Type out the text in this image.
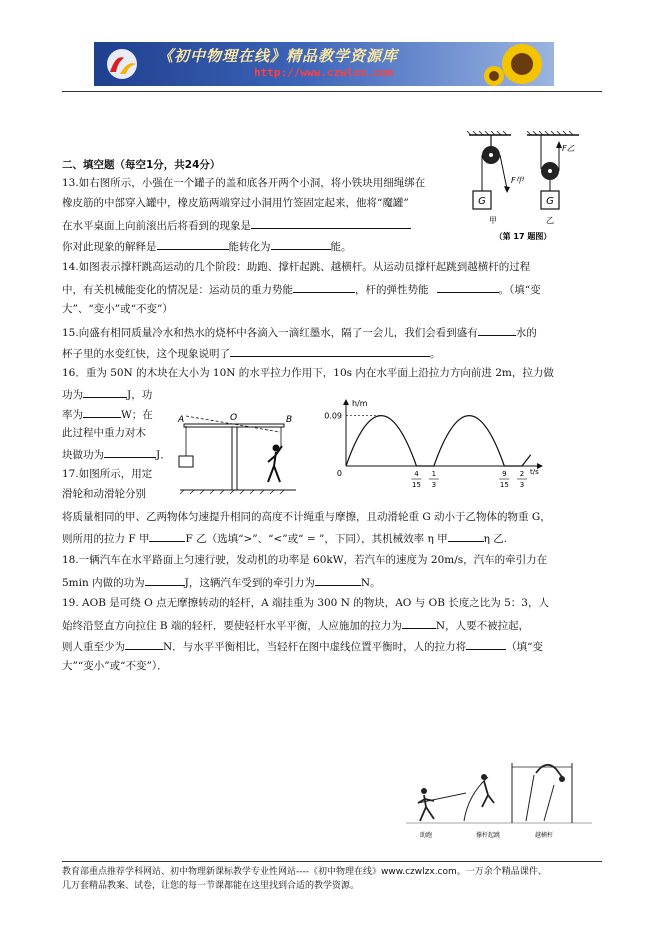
《初中物理在线》精品教学资源库
http://www.czwlzx.com
G	G
F甲
F乙
甲	乙
（第 17 题图）
二、填空题（每空1分，共24分）
13.如右图所示，小强在一个罐子的盖和底各开两个小洞，将小铁块用细绳绑在
橡皮筋的中部穿入罐中，橡皮筋两端穿过小洞用竹签固定起来，他将“魔罐”
在水平桌面上向前滚出后将看到的现象是
你对此现象的解释是	能转化为	能。
14.如图表示撑杆跳高运动的几个阶段：助跑、撑杆起跳、越横杆。从运动员撑杆起跳到越横杆的过程
中，有关机械能变化的情况是：运动员的重力势能	，杆的弹性势能	。（填“变
大”、“变小”或“不变”）
15.向盛有相同质量冷水和热水的烧杯中各滴入一滴红墨水，隔了一会儿，我们会看到盛有	水的
杯子里的水变红快，这个现象说明了	。
16．重为 50N 的木块在大小为 10N 的水平拉力作用下，10s 内在水平面上沿拉力方向前进 2m，拉力做
功为	J，功
率为	W；在
此过程中重力对木
块做功为	J．
17.如图所示，用定
滑轮和动滑轮分别
A	O	B
4
15
1
3
9
15
2
3
h/m
t/s
0
0.09
将质量相同的甲、乙两物体匀速提升相同的高度不计绳重与摩擦，且动滑轮重 G 动小于乙物体的物重 G，
则所用的拉力 F 甲	F 乙（选填“>”、“<”或“ = ”，下同），其机械效率 η 甲	η 乙.
18.一辆汽车在水平路面上匀速行驶，发动机的功率是 60kW，若汽车的速度为 20m/s，汽车的牵引力在
5min 内做的功为	J，这辆汽车受到的牵引力为	N。
19. AOB 是可绕 O 点无摩擦转动的轻杆，A 端挂重为 300 N 的物块，AO 与 OB 长度之比为 5：3，人
始终沿竖直方向拉住 B 端的轻杆．要使轻杆水平平衡，人应施加的拉力为	N，人要不被拉起，
则人重至少为	N．与水平平衡相比，当轻杆在图中虚线位置平衡时，人的拉力将	（填“变
大”“变小”或“不变”）．
助跑	撑杆起跳	越横杆
教育部重点推荐学科网站、初中物理新课标教学专业性网站----《初中物理在线》www.czwlzx.com。一万余个精品课件、
几万套精品教案、试卷，让您的每一节课都能在这里找到合适的教学资源。
